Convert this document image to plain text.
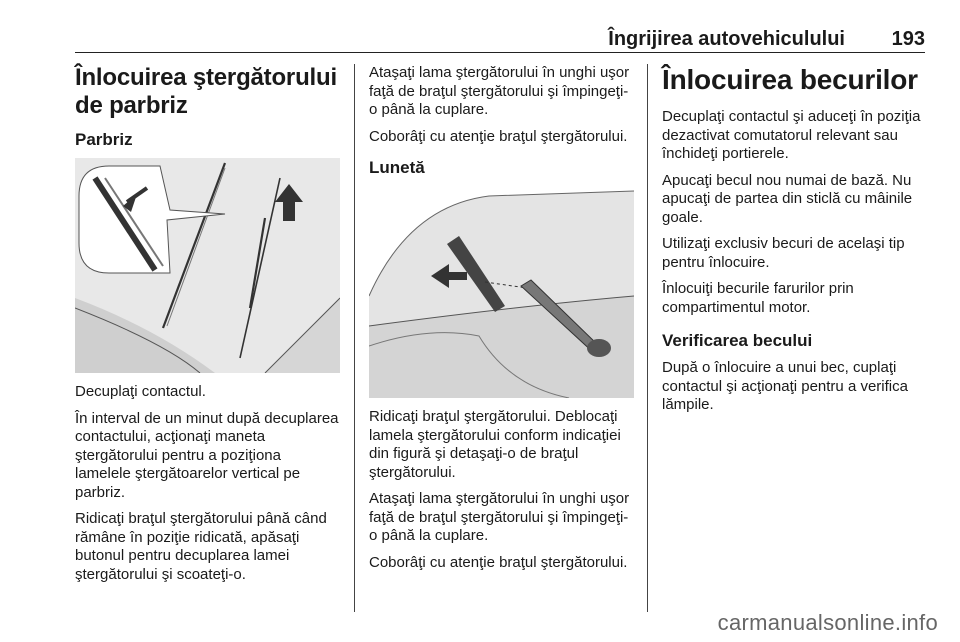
Îngrijirea autovehiculului 193
Înlocuirea ştergătorului de parbriz
Parbriz

Decuplaţi contactul.

În interval de un minut după decuplarea contactului, acţionaţi maneta ştergătorului pentru a poziţiona lamelele ştergătoarelor vertical pe parbriz.

Ridicaţi braţul ştergătorului până când rămâne în poziţie ridicată, apăsaţi butonul pentru decuplarea lamei ştergătorului şi scoateţi-o.

Ataşaţi lama ştergătorului în unghi uşor faţă de braţul ştergătorului şi împingeţi-o până la cuplare.

Coborâţi cu atenţie braţul ştergătorului.

Lunetă

Ridicaţi braţul ştergătorului. Deblocaţi lamela ştergătorului conform indicaţiei din figură şi detaşaţi-o de braţul ştergătorului.

Ataşaţi lama ştergătorului în unghi uşor faţă de braţul ştergătorului şi împingeţi-o până la cuplare.

Coborâţi cu atenţie braţul ştergătorului.

Înlocuirea becurilor

Decuplaţi contactul şi aduceţi în poziţia dezactivat comutatorul relevant sau închideţi portierele.

Apucaţi becul nou numai de bază. Nu apucaţi de partea din sticlă cu mâinile goale.

Utilizaţi exclusiv becuri de acelaşi tip pentru înlocuire.

Înlocuiţi becurile farurilor prin compartimentul motor.

Verificarea becului

După o înlocuire a unui bec, cuplaţi contactul şi acţionaţi pentru a verifica lămpile.

carmanualsonline.info
